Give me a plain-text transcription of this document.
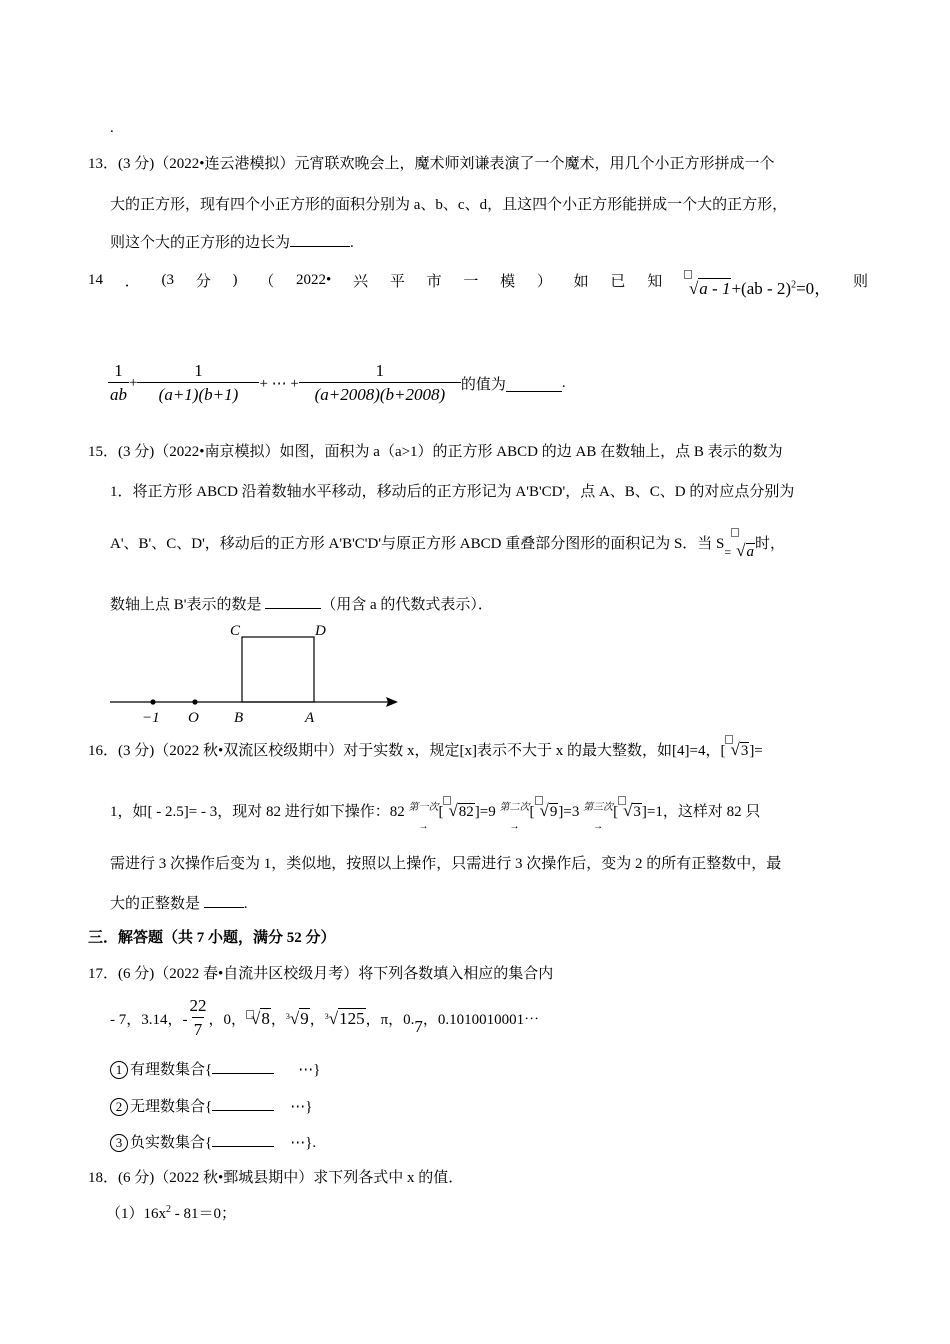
.
13．(3 分)（2022•连云港模拟）元宵联欢晚会上，魔术师刘谦表演了一个魔术，用几个小正方形拼成一个
大的正方形，现有四个小正方形的面积分别为 a、b、c、d，且这四个小正方形能拼成一个大的正方形，
则这个大的正方形的边长为	.
14 ． (3 分 ) （ 2022• 兴 平 市 一 模 ） 如 已 知 √a - 1+(ab - 2)$^2$=0， 则
$\frac{1}{ab} + \frac{1}{(a+1)(b+1)}$ + ⋯ + $\frac{1}{(a+2008)(b+2008)}$ 的值为	.
15．(3 分)（2022•南京模拟）如图，面积为 a（a>1）的正方形 ABCD 的边 AB 在数轴上，点 B 表示的数为
1．将正方形 ABCD 沿着数轴水平移动，移动后的正方形记为 A'B'CD'，点 A、B、C、D 的对应点分别为
A'、B'、C、D'，移动后的正方形 A'B'C'D'与原正方形 ABCD 重叠部分图形的面积记为 S．当 $S_=$ √a时，
数轴上点 B'表示的数是	（用含 a 的代数式表示）．
−1 O B	A
C	D
16．(3 分)（2022 秋•双流区校级期中）对于实数 x，规定[x]表示不大于 x 的最大整数，如[4]=4，[ √3]=
1，如[ - 2.5]= - 3，现对 82 进行如下操作：82 第一次
→
[ √82]=9 第二次
→
[ √9]=3 第三次
→
[ √3]=1，这样对 82 只
需进行 3 次操作后变为 1，类似地，按照以上操作，只需进行 3 次操作后，变为 2 的所有正整数中，最
大的正整数是	.
三．解答题（共 7 小题，满分 52 分）
17．(6 分)（2022 春•自流井区校级月考）将下列各数填入相应的集合内
- 7，3.14，- $\frac{22}{7}$ ，0， √8 ， 3 √9 ， 3 √125 ，π，0. 7 ，0.1010010001⋯
1 有理数集合{	⋯}
2 无理数集合{	⋯}
3 负实数集合{	⋯}.
18．(6 分)（2022 秋•鄄城县期中）求下列各式中 x 的值．
$(1)16x^2 - 81=0$；
